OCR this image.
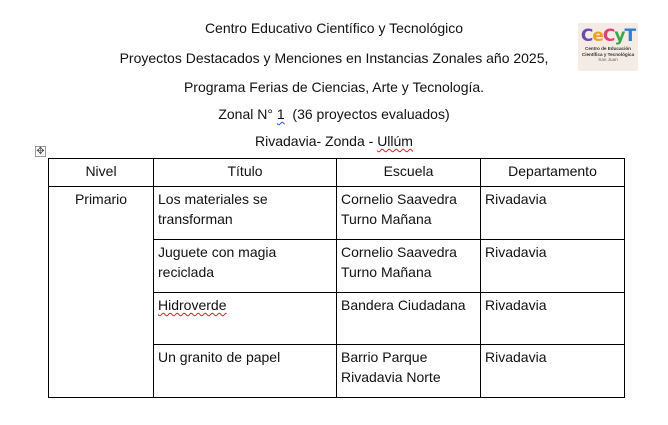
Centro Educativo Científico y Tecnológico
Proyectos Destacados y Menciones en Instancias Zonales año 2025,
Programa Ferias de Ciencias, Arte y Tecnología.
Zonal N° 1  (36 proyectos evaluados)
Rivadavia- Zonda - Ullúm
CeCyT
Centro de Educación
Científica y Tecnológica
San Juan
✥
Nivel	Título	Escuela	Departamento
Primario	Los materiales se transforman	Cornelio Saavedra Turno Mañana	Rivadavia
	Juguete con magia reciclada	Cornelio Saavedra Turno Mañana	Rivadavia
	Hidroverde	Bandera Ciudadana	Rivadavia
	Un granito de papel	Barrio Parque Rivadavia Norte	Rivadavia
